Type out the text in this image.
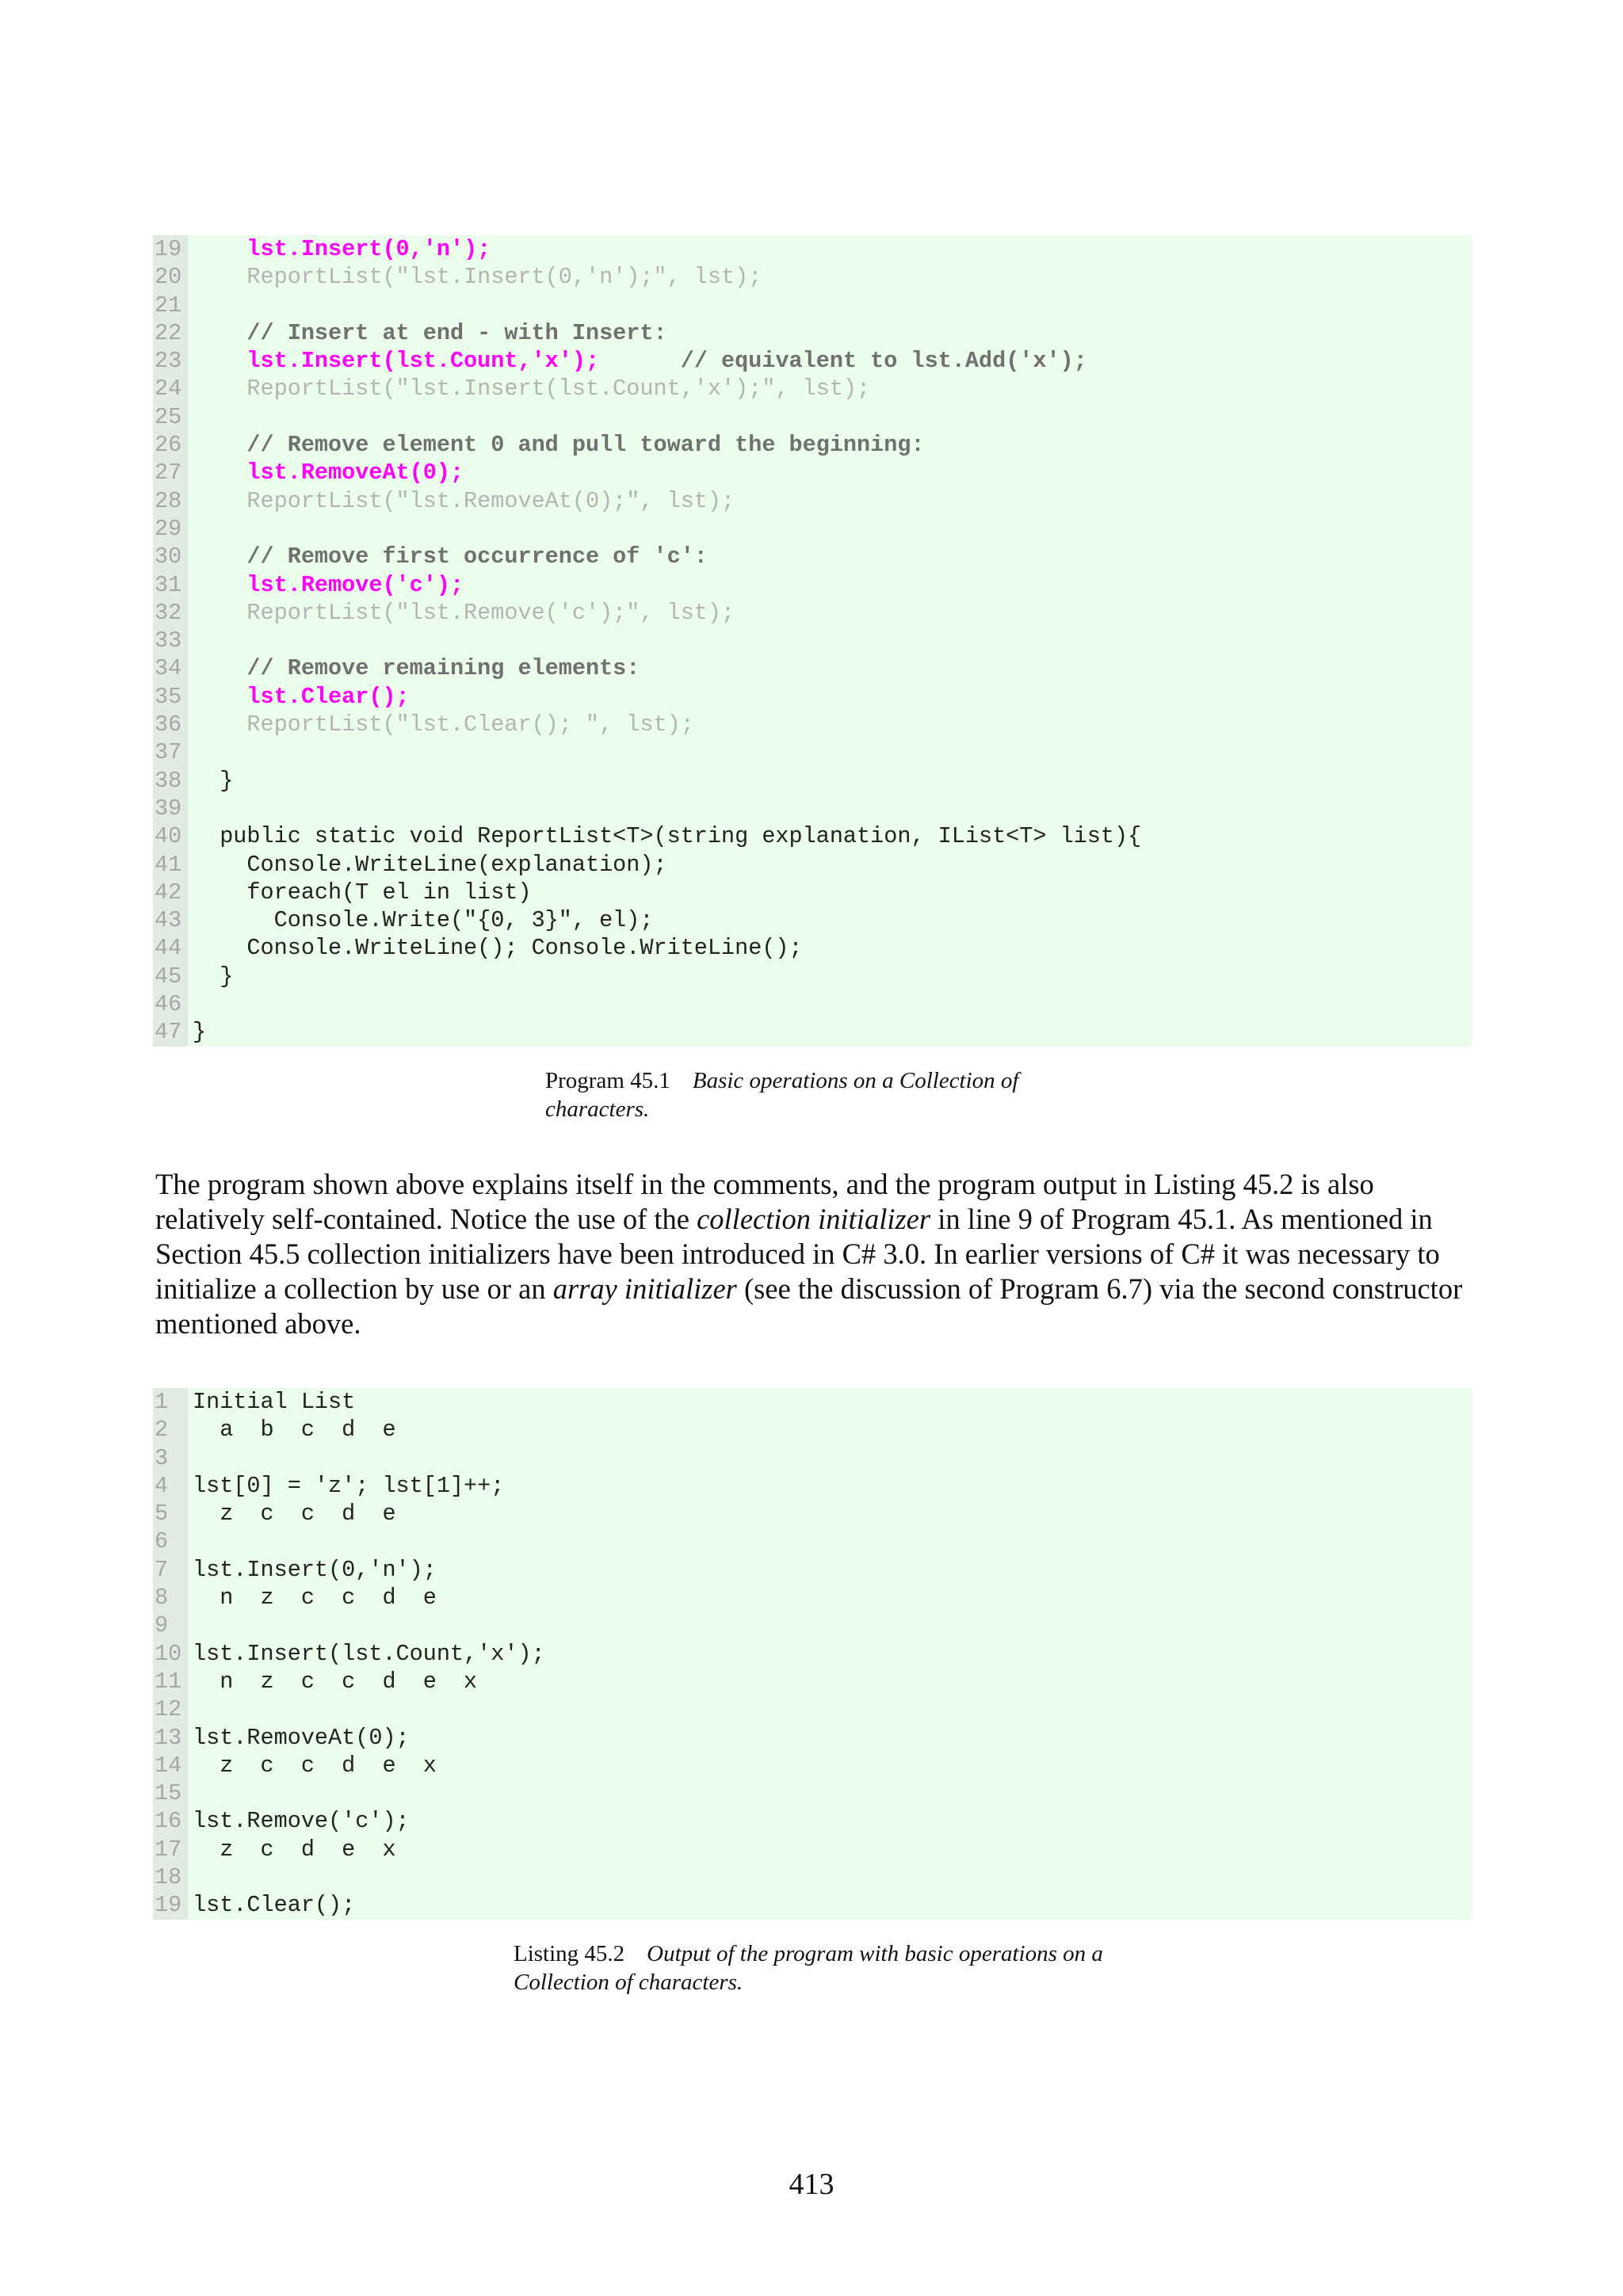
19	lst.Insert(0,'n');
20 ReportList("lst.Insert(0,'n');", lst);
21
22 // Insert at end - with Insert:
23	lst.Insert(lst.Count,'x');      // equivalent to lst.Add('x');
24 ReportList("lst.Insert(lst.Count,'x');", lst);
25
26 // Remove element 0 and pull toward the beginning:
27	lst.RemoveAt(0);
28 ReportList("lst.RemoveAt(0);", lst);
29
30 // Remove first occurrence of 'c':
31	lst.Remove('c');
32 ReportList("lst.Remove('c');", lst);
33
34 // Remove remaining elements:
35	lst.Clear();
36 ReportList("lst.Clear(); ", lst);
37
38 }
39
40 public static void ReportList<T>(string explanation, IList<T> list){
41 Console.WriteLine(explanation);
42 foreach(T el in list)
43 Console.Write("{0, 3}", el);
44 Console.WriteLine(); Console.WriteLine();
45 }
46
47 }
Program 45.1 Basic operations on a Collection of characters.
The program shown above explains itself in the comments, and the program output in Listing 45.2 is also relatively self-contained. Notice the use of the collection initializer in line 9 of Program 45.1. As mentioned in Section 45.5 collection initializers have been introduced in C# 3.0. In earlier versions of C# it was necessary to initialize a collection by use or an array initializer (see the discussion of Program 6.7) via the second constructor mentioned above.
1	Initial List
2	a  b  c  d  e
3
4	lst[0] = 'z'; lst[1]++;
5	z  c  c  d  e
6
7	lst.Insert(0,'n');
8	n  z  c  c  d  e
9
10 lst.Insert(lst.Count,'x');
11 n  z  c  c  d  e  x
12
13 lst.RemoveAt(0);
14 z  c  c  d  e  x
15
16 lst.Remove('c');
17 z  c  d  e  x
18
19 lst.Clear();
Listing 45.2 Output of the program with basic operations on a Collection of characters.
413
